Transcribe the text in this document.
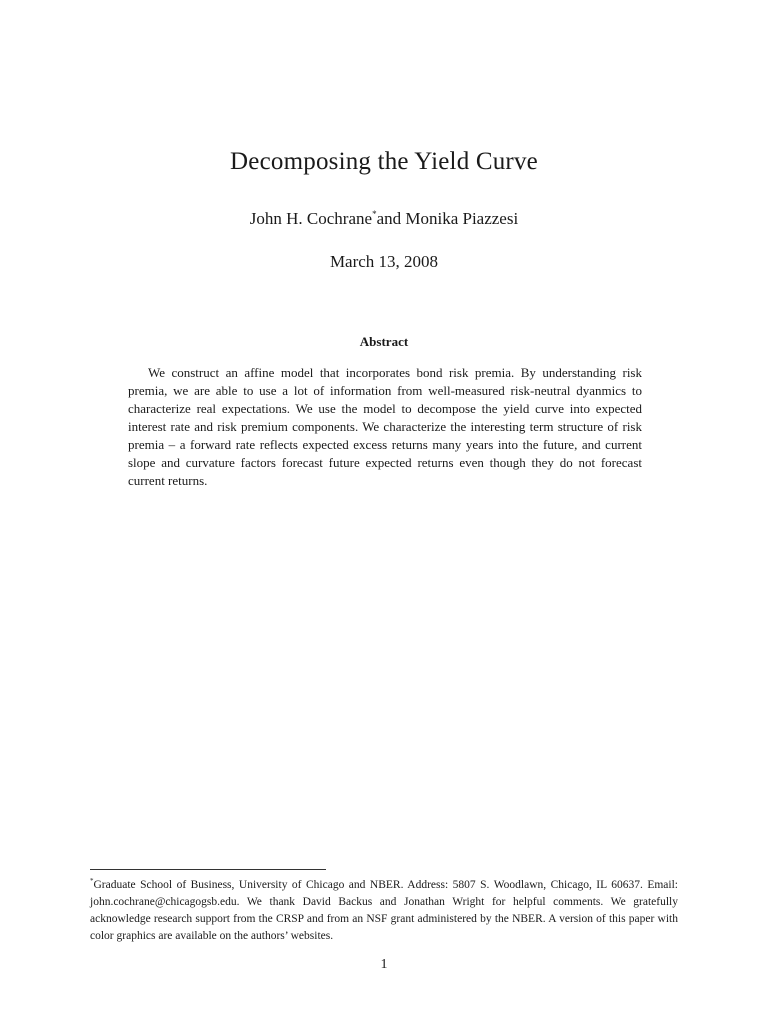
Decomposing the Yield Curve
John H. Cochrane*and Monika Piazzesi
March 13, 2008
Abstract
We construct an affine model that incorporates bond risk premia. By understanding risk premia, we are able to use a lot of information from well-measured risk-neutral dyanmics to characterize real expectations. We use the model to decompose the yield curve into expected interest rate and risk premium components. We characterize the interesting term structure of risk premia – a forward rate reflects expected excess returns many years into the future, and current slope and curvature factors forecast future expected returns even though they do not forecast current returns.
*Graduate School of Business, University of Chicago and NBER. Address: 5807 S. Woodlawn, Chicago, IL 60637. Email: john.cochrane@chicagogsb.edu. We thank David Backus and Jonathan Wright for helpful comments. We gratefully acknowledge research support from the CRSP and from an NSF grant administered by the NBER. A version of this paper with color graphics are available on the authors’ websites.
1
